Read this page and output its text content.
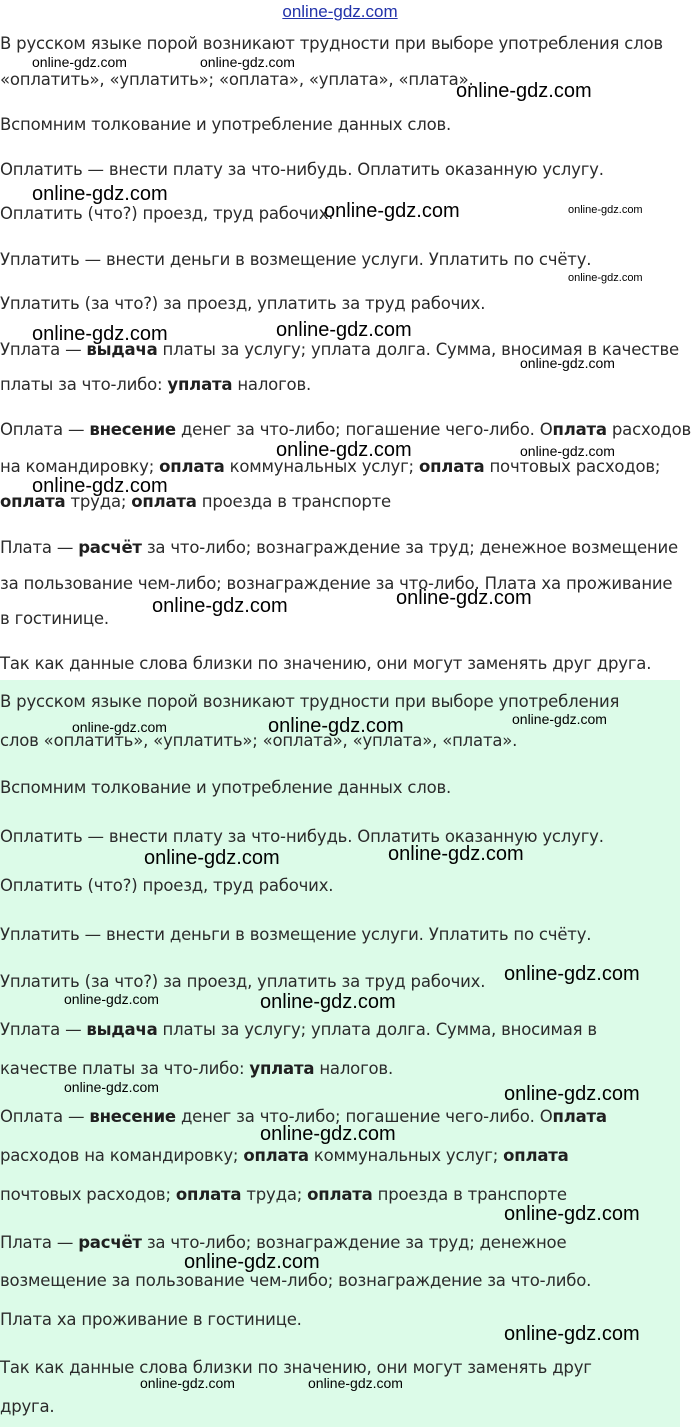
online-gdz.com

В русском языке порой возникают трудности при выборе употребления слов

«оплатить», «уплатить»; «оплата», «уплата», «плата».

Вспомним толкование и употребление данных слов.

Оплатить — внести плату за что-нибудь. Оплатить оказанную услугу.

Оплатить (что?) проезд, труд рабочих.

Уплатить — внести деньги в возмещение услуги. Уплатить по счёту.

Уплатить (за что?) за проезд, уплатить за труд рабочих.

Уплата — выдача платы за услугу; уплата долга. Сумма, вносимая в качестве

платы за что-либо: уплата налогов.

Оплата — внесение денег за что-либо; погашение чего-либо. Оплата расходов

на командировку; оплата коммунальных услуг; оплата почтовых расходов;

оплата труда; оплата проезда в транспорте

Плата — расчёт за что-либо; вознаграждение за труд; денежное возмещение

за пользование чем-либо; вознаграждение за что-либо. Плата ха проживание

в гостинице.

Так как данные слова близки по значению, они могут заменять друг друга.

В русском языке порой возникают трудности при выборе употребления

слов «оплатить», «уплатить»; «оплата», «уплата», «плата».

Вспомним толкование и употребление данных слов.

Оплатить — внести плату за что-нибудь. Оплатить оказанную услугу.

Оплатить (что?) проезд, труд рабочих.

Уплатить — внести деньги в возмещение услуги. Уплатить по счёту.

Уплатить (за что?) за проезд, уплатить за труд рабочих.

Уплата — выдача платы за услугу; уплата долга. Сумма, вносимая в

качестве платы за что-либо: уплата налогов.

Оплата — внесение денег за что-либо; погашение чего-либо. Оплата

расходов на командировку; оплата коммунальных услуг; оплата

почтовых расходов; оплата труда; оплата проезда в транспорте

Плата — расчёт за что-либо; вознаграждение за труд; денежное

возмещение за пользование чем-либо; вознаграждение за что-либо.

Плата ха проживание в гостинице.

Так как данные слова близки по значению, они могут заменять друг

друга.

online-gdz.com	online-gdz.com
online-gdz.com
online-gdz.com
online-gdz.com	online-gdz.com
online-gdz.com
online-gdz.com	online-gdz.com
online-gdz.com
online-gdz.com	online-gdz.com
online-gdz.com
online-gdz.com	online-gdz.com
online-gdz.com	online-gdz.com	online-gdz.com
online-gdz.com	online-gdz.com
online-gdz.com
online-gdz.com	online-gdz.com
online-gdz.com	online-gdz.com
online-gdz.com
online-gdz.com
online-gdz.com
online-gdz.com
online-gdz.com	online-gdz.com
